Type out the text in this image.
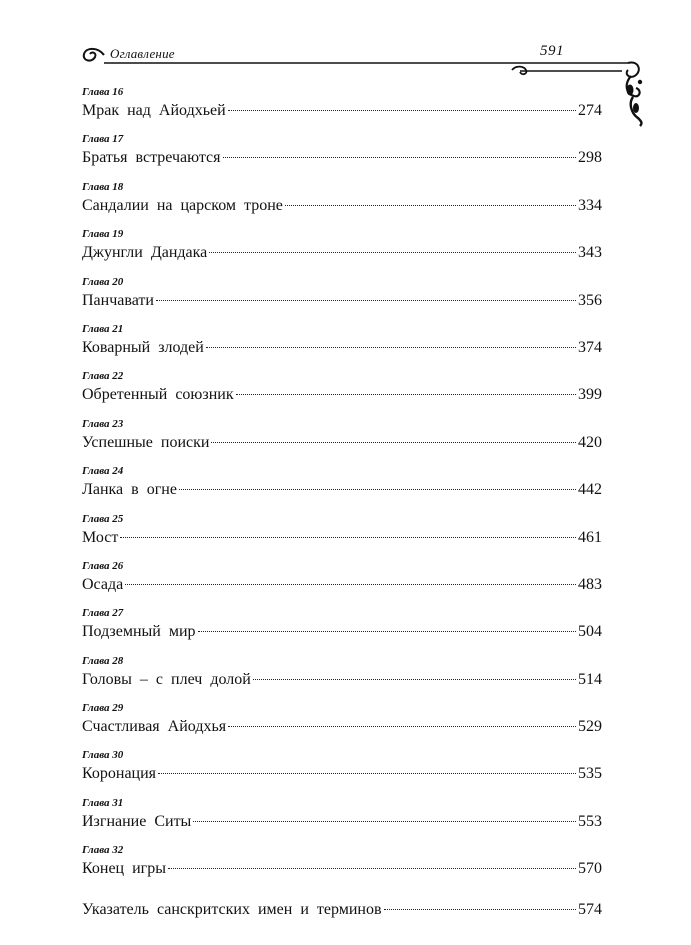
Оглавление	591
Глава 16
Мрак над Айодхьей	274
Глава 17
Братья встречаются	298
Глава 18
Сандалии на царском троне	334
Глава 19
Джунгли Дандака	343
Глава 20
Панчавати	356
Глава 21
Коварный злодей	374
Глава 22
Обретенный союзник	399
Глава 23
Успешные поиски	420
Глава 24
Ланка в огне	442
Глава 25
Мост	461
Глава 26
Осада	483
Глава 27
Подземный мир	504
Глава 28
Головы – с плеч долой	514
Глава 29
Счастливая Айодхья	529
Глава 30
Коронация	535
Глава 31
Изгнание Ситы	553
Глава 32
Конец игры	570
Указатель санскритских имен и терминов	574
